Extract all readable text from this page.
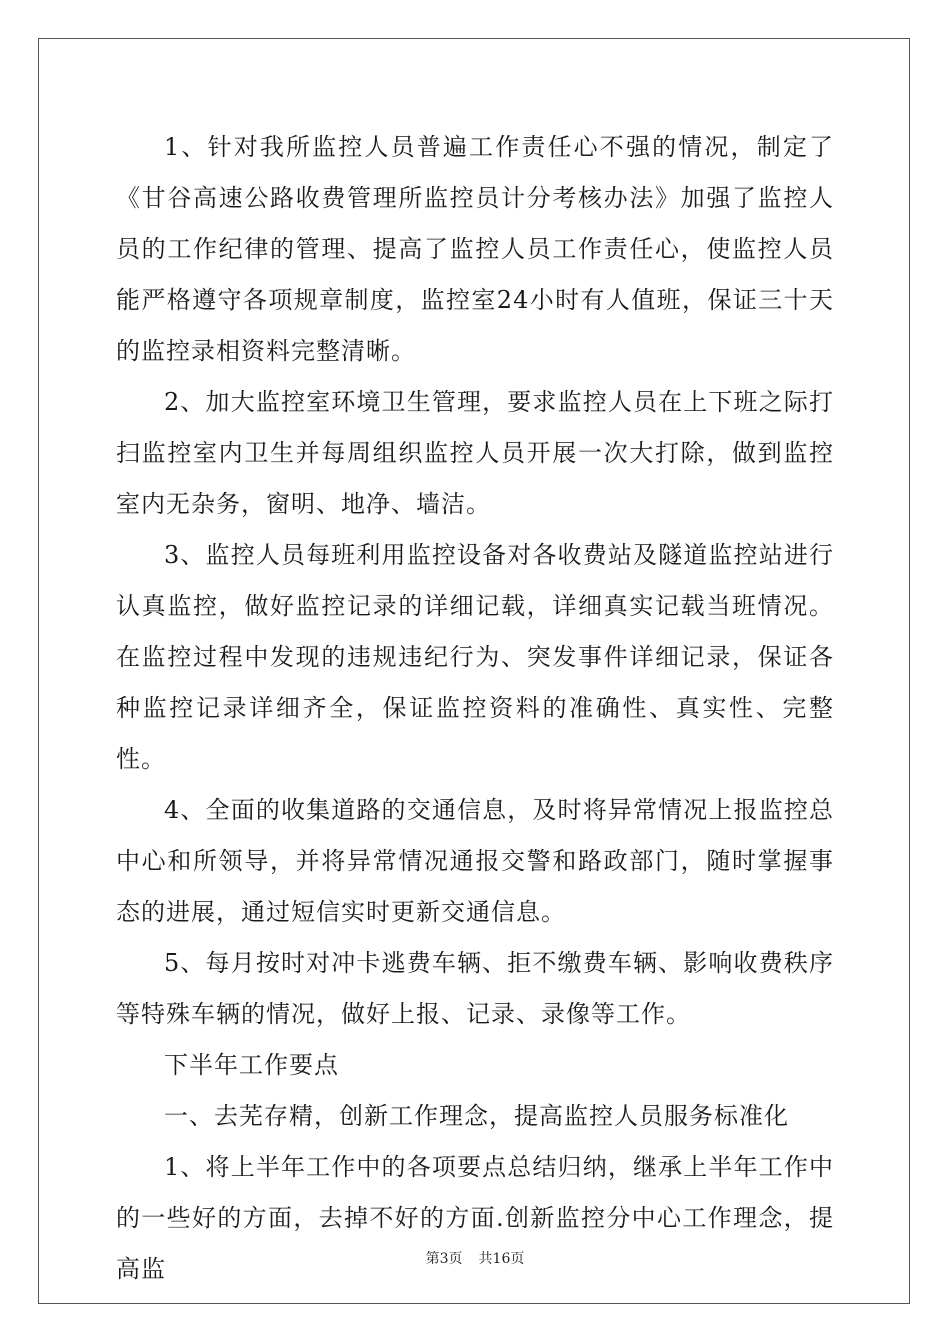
1、针对我所监控人员普遍工作责任心不强的情况，制定了《甘谷高速公路收费管理所监控员计分考核办法》加强了监控人员的工作纪律的管理、提高了监控人员工作责任心，使监控人员能严格遵守各项规章制度，监控室24小时有人值班，保证三十天的监控录相资料完整清晰。

2、加大监控室环境卫生管理，要求监控人员在上下班之际打扫监控室内卫生并每周组织监控人员开展一次大打除，做到监控室内无杂务，窗明、地净、墙洁。

3、监控人员每班利用监控设备对各收费站及隧道监控站进行认真监控，做好监控记录的详细记载，详细真实记载当班情况。在监控过程中发现的违规违纪行为、突发事件详细记录，保证各种监控记录详细齐全，保证监控资料的准确性、真实性、完整性。

4、全面的收集道路的交通信息，及时将异常情况上报监控总中心和所领导，并将异常情况通报交警和路政部门，随时掌握事态的进展，通过短信实时更新交通信息。

5、每月按时对冲卡逃费车辆、拒不缴费车辆、影响收费秩序等特殊车辆的情况，做好上报、记录、录像等工作。

下半年工作要点

一、去芜存精，创新工作理念，提高监控人员服务标准化

1、将上半年工作中的各项要点总结归纳，继承上半年工作中的一些好的方面，去掉不好的方面.创新监控分中心工作理念，提高监	第3页 共16页
